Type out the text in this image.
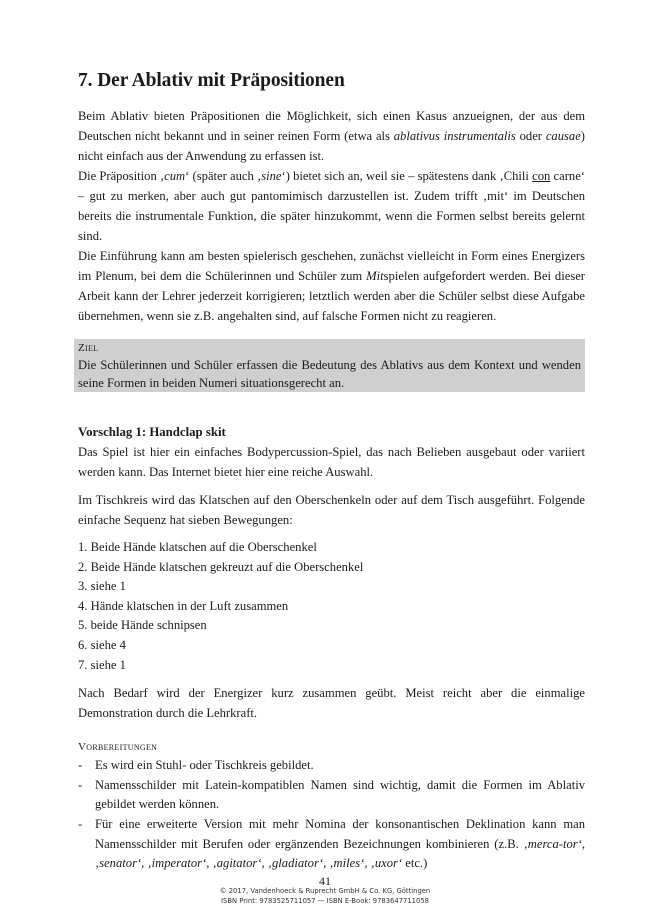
7. Der Ablativ mit Präpositionen

Beim Ablativ bieten Präpositionen die Möglichkeit, sich einen Kasus anzueignen, der aus dem Deutschen nicht bekannt und in seiner reinen Form (etwa als ablativus instrumentalis oder causae) nicht einfach aus der Anwendung zu erfassen ist.

Die Präposition ‚cum‘ (später auch ‚sine‘) bietet sich an, weil sie – spätestens dank ‚Chili con carne‘ – gut zu merken, aber auch gut pantomimisch darzustellen ist. Zudem trifft ‚mit‘ im Deutschen bereits die instrumentale Funktion, die später hinzukommt, wenn die Formen selbst bereits gelernt sind.

Die Einführung kann am besten spielerisch geschehen, zunächst vielleicht in Form eines Energizers im Plenum, bei dem die Schülerinnen und Schüler zum Mitspielen aufgefordert werden. Bei dieser Arbeit kann der Lehrer jederzeit korrigieren; letztlich werden aber die Schüler selbst diese Aufgabe übernehmen, wenn sie z.B. angehalten sind, auf falsche Formen nicht zu reagieren.

Ziel

Die Schülerinnen und Schüler erfassen die Bedeutung des Ablativs aus dem Kontext und wenden seine Formen in beiden Numeri situationsgerecht an.

Vorschlag 1: Handclap skit

Das Spiel ist hier ein einfaches Bodypercussion-Spiel, das nach Belieben ausgebaut oder variiert werden kann. Das Internet bietet hier eine reiche Auswahl.

Im Tischkreis wird das Klatschen auf den Oberschenkeln oder auf dem Tisch ausgeführt. Folgende einfache Sequenz hat sieben Bewegungen:

1. Beide Hände klatschen auf die Oberschenkel
2. Beide Hände klatschen gekreuzt auf die Oberschenkel
3. siehe 1
4. Hände klatschen in der Luft zusammen
5. beide Hände schnipsen
6. siehe 4
7. siehe 1

Nach Bedarf wird der Energizer kurz zusammen geübt. Meist reicht aber die einmalige Demonstration durch die Lehrkraft.

Vorbereitungen
- Es wird ein Stuhl- oder Tischkreis gebildet.
- Namensschilder mit Latein-kompatiblen Namen sind wichtig, damit die Formen im Ablativ gebildet werden können.
- Für eine erweiterte Version mit mehr Nomina der konsonantischen Deklination kann man Namensschilder mit Berufen oder ergänzenden Bezeichnungen kombinieren (z.B. ‚merca-tor‘, ‚senator‘, ‚imperator‘, ‚agitator‘, ‚gladiator‘, ‚miles‘, ‚uxor‘ etc.)
41
© 2017, Vandenhoeck & Ruprecht GmbH & Co. KG, Göttingen
ISBN Print: 9783525711057 — ISBN E-Book: 9783647711058
